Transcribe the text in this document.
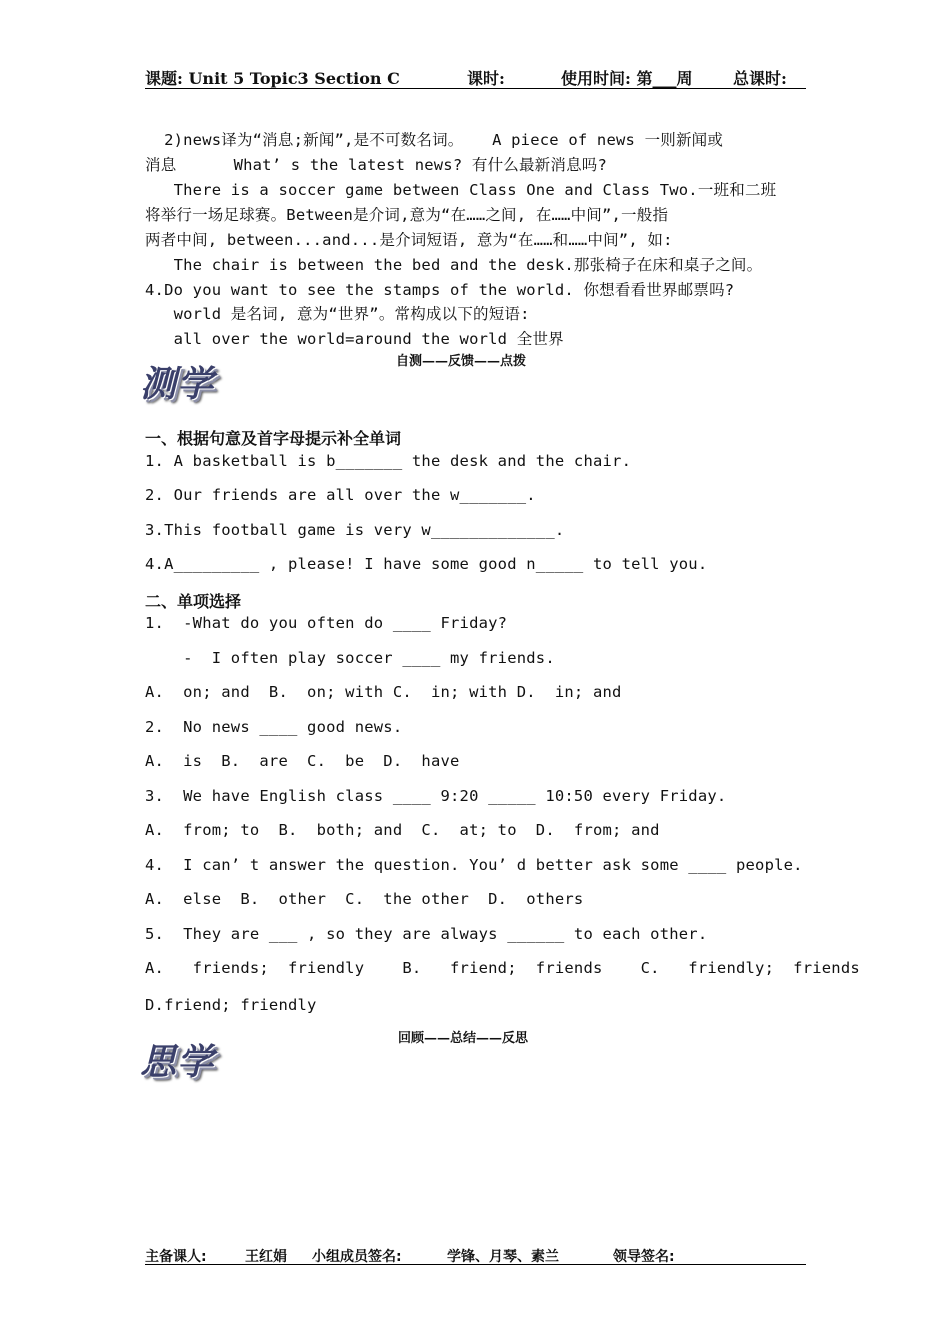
课题: Unit 5 Topic3 Section C	课时:	使用时间: 第___周	总课时:
2)news译为“消息;新闻”,是不可数名词。   A piece of news 一则新闻或
消息      What’ s the latest news? 有什么最新消息吗?
There is a soccer game between Class One and Class Two.一班和二班
将举行一场足球赛。Between是介词,意为“在……之间, 在……中间”,一般指
两者中间, between...and...是介词短语, 意为“在……和……中间”, 如:
The chair is between the bed and the desk.那张椅子在床和桌子之间。
4.Do you want to see the stamps of the world. 你想看看世界邮票吗?
world 是名词, 意为“世界”。常构成以下的短语:
all over the world=around the world 全世界
自测——反馈——点拨
测学
一、根据句意及首字母提示补全单词
1. A basketball is b_______ the desk and the chair.
2. Our friends are all over the w_______.
3.This football game is very w_____________.
4.A_________ , please! I have some good n_____ to tell you.
二、单项选择
1.  -What do you often do ____ Friday?
-  I often play soccer ____ my friends.
A.  on; and  B.  on; with C.  in; with D.  in; and
2.  No news ____ good news.
A.  is  B.  are  C.  be  D.  have
3.  We have English class ____ 9:20 _____ 10:50 every Friday.
A.  from; to  B.  both; and  C.  at; to  D.  from; and
4.  I can’ t answer the question. You’ d better ask some ____ people.
A.  else  B.  other  C.  the other  D.  others
5.  They are ___ , so they are always ______ to each other.
A.   friends;  friendly    B.   friend;  friends    C.   friendly;  friends
D.friend; friendly
回顾——总结——反思
思学
主备课人:	王红娟 小组成员签名:	学锋、月琴、素兰	领导签名:
